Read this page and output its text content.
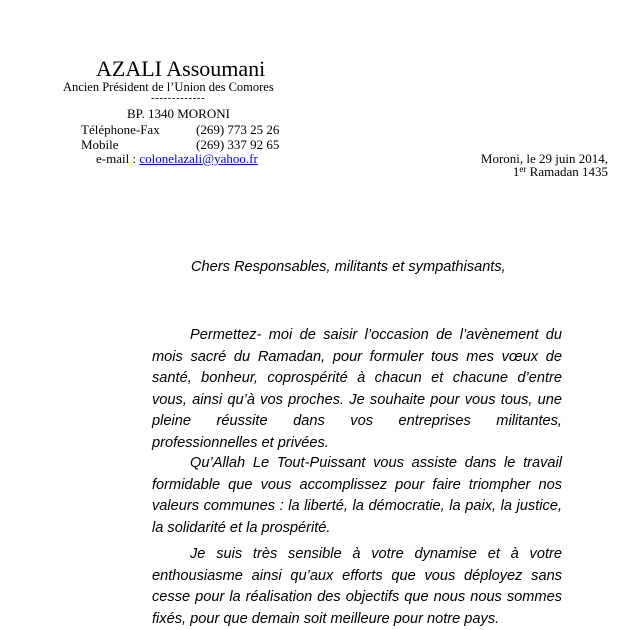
AZALI Assoumani
Ancien Président de l’Union des Comores
-------------
BP. 1340 MORONI
Téléphone-Fax	(269) 773 25 26
Mobile	(269) 337 92 65
e-mail : colonelazali@yahoo.fr	Moroni, le 29 juin 2014,
1er Ramadan 1435
Chers Responsables, militants et sympathisants,

Permettez- moi de saisir l’occasion de l’avènement du mois sacré du Ramadan, pour formuler tous mes vœux de santé, bonheur, coprospérité à chacun et chacune d’entre vous, ainsi qu’à vos proches. Je souhaite pour vous tous, une pleine réussite dans vos entreprises militantes, professionnelles et privées.

Qu’Allah Le Tout-Puissant vous assiste dans le travail formidable que vous accomplissez pour faire triompher nos valeurs communes : la liberté, la démocratie, la paix, la justice, la solidarité et la prospérité.

Je suis très sensible à votre dynamise et à votre enthousiasme ainsi qu’aux efforts que vous déployez sans cesse pour la réalisation des objectifs que nous nous sommes fixés, pour que demain soit meilleure pour notre pays.
